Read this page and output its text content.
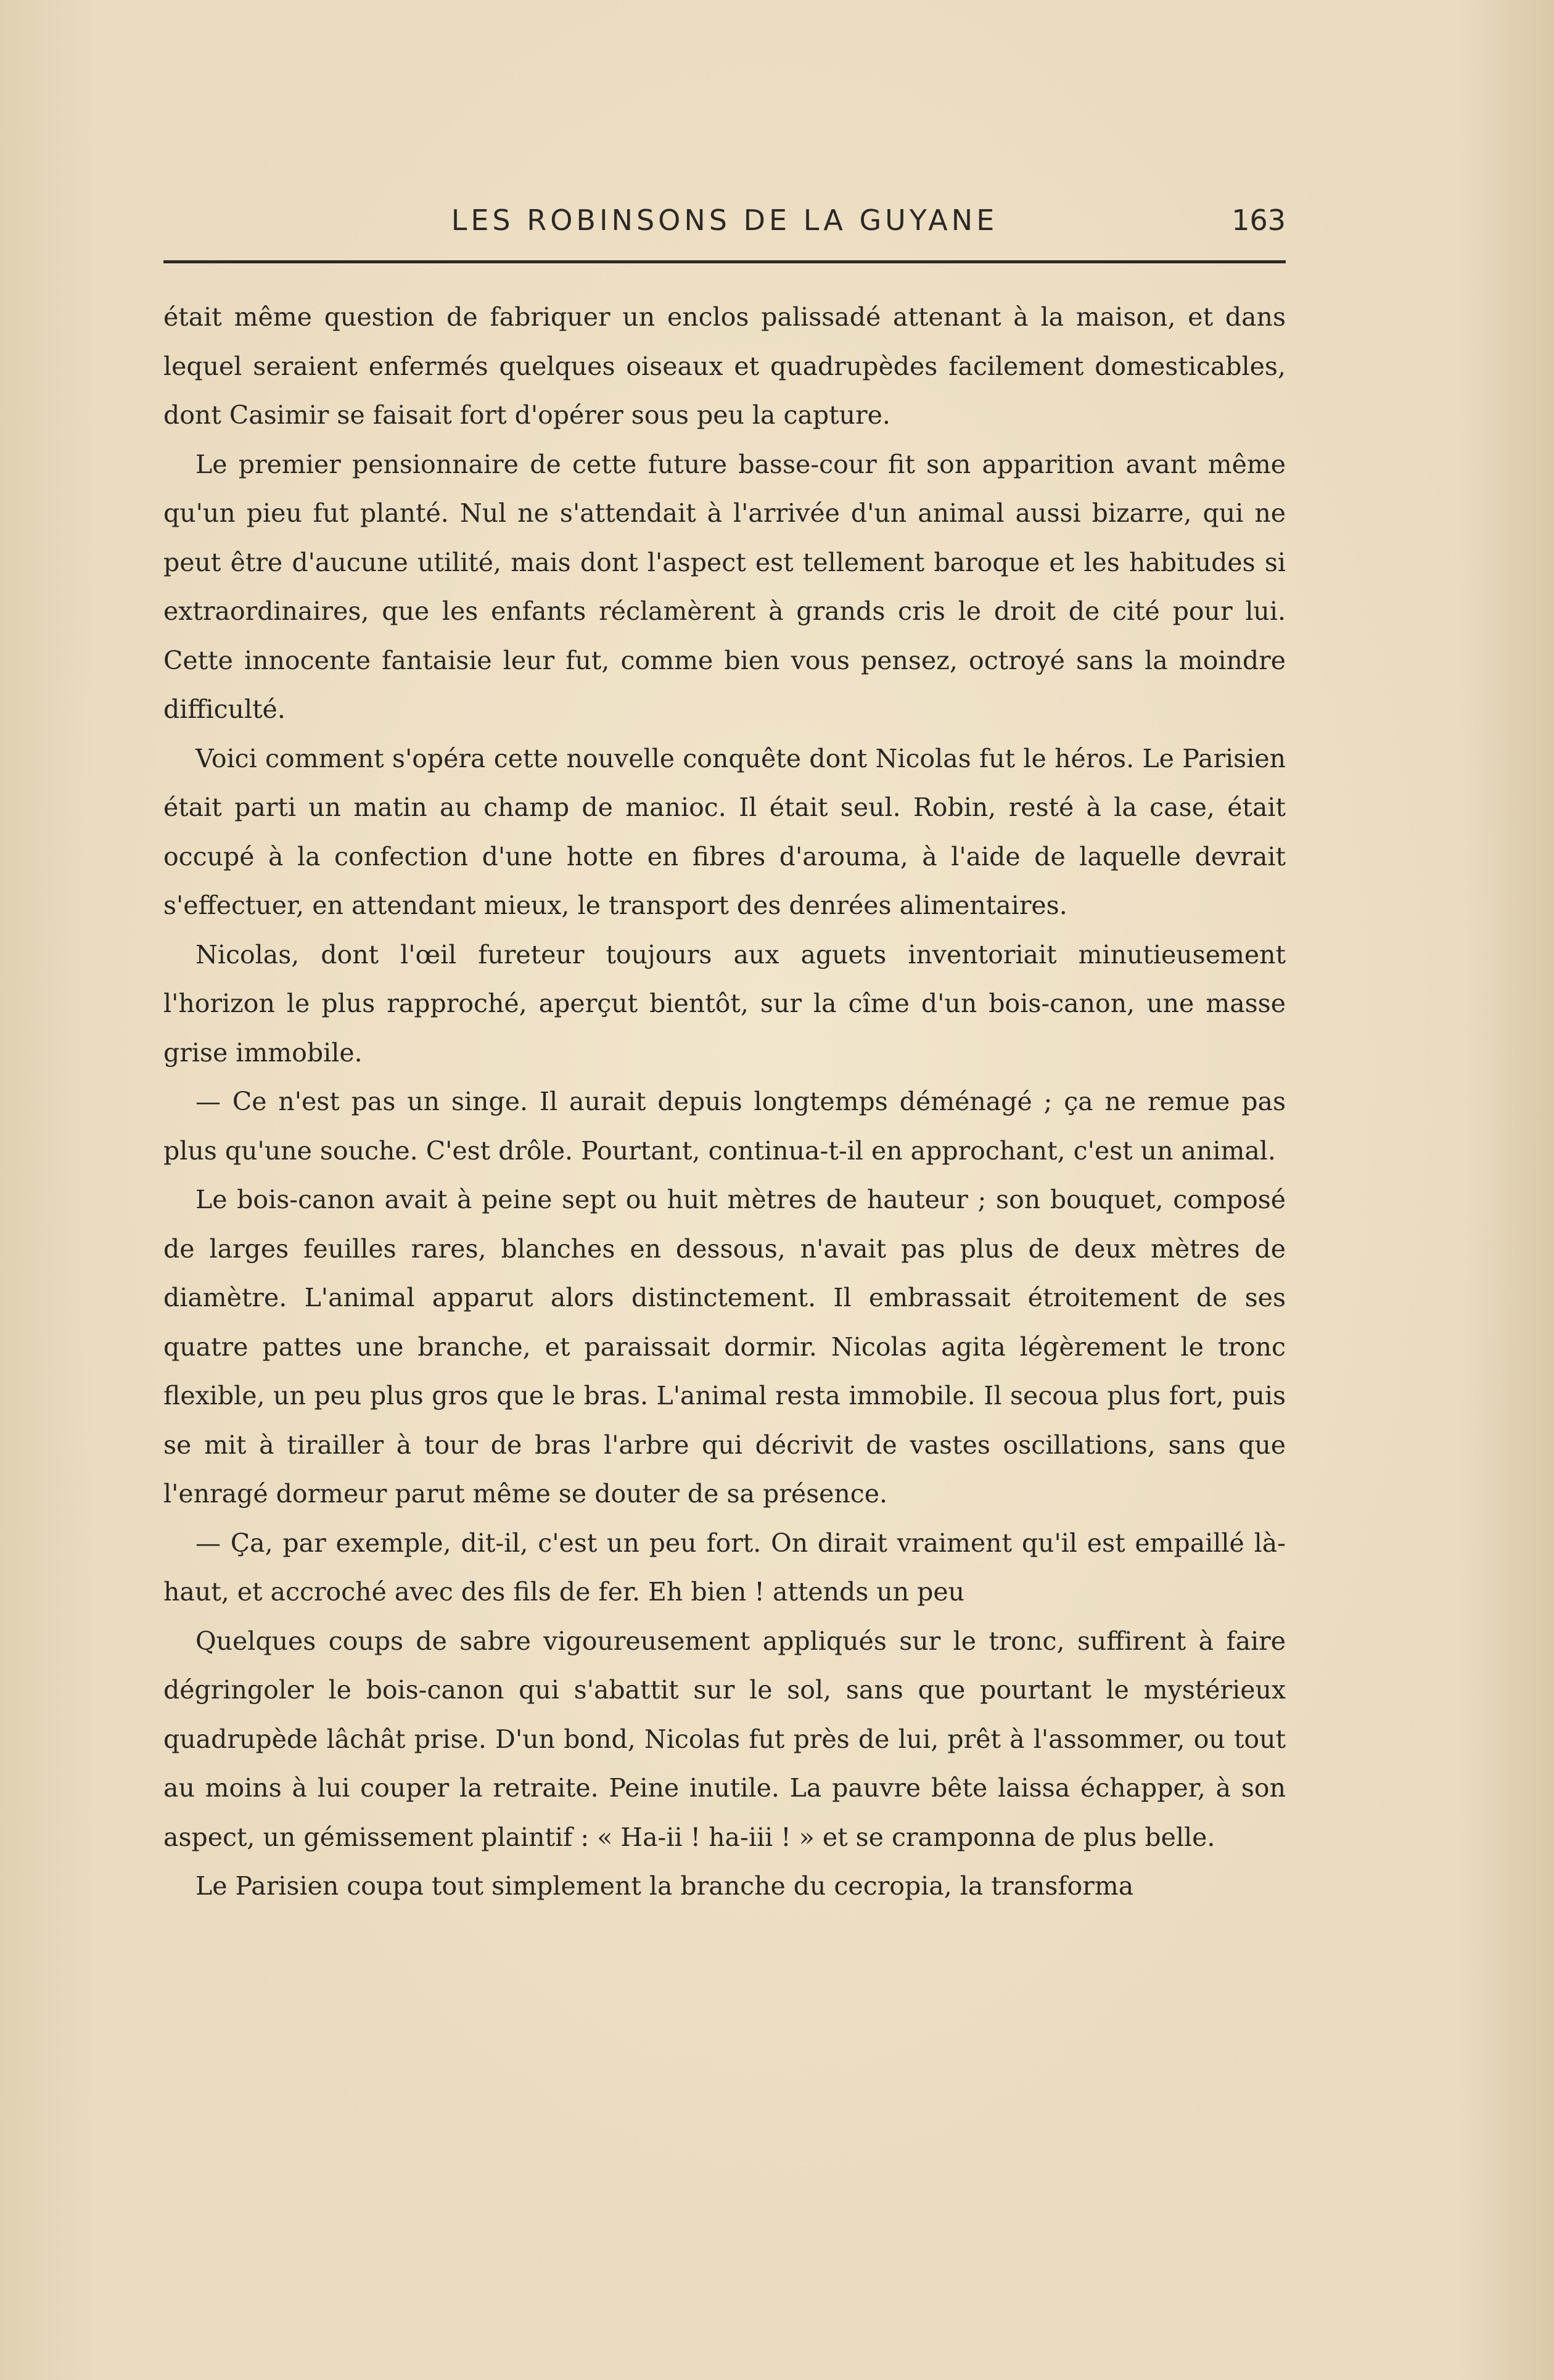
LES ROBINSONS DE LA GUYANE	163

était même question de fabriquer un enclos palissadé attenant à la maison, et dans lequel seraient enfermés quelques oiseaux et quadrupèdes facilement domesticables, dont Casimir se faisait fort d'opérer sous peu la capture.

Le premier pensionnaire de cette future basse-cour fit son apparition avant même qu'un pieu fut planté. Nul ne s'attendait à l'arrivée d'un animal aussi bizarre, qui ne peut être d'aucune utilité, mais dont l'aspect est tellement baroque et les habitudes si extraordinaires, que les enfants réclamèrent à grands cris le droit de cité pour lui. Cette innocente fantaisie leur fut, comme bien vous pensez, octroyé sans la moindre difficulté.

Voici comment s'opéra cette nouvelle conquête dont Nicolas fut le héros. Le Parisien était parti un matin au champ de manioc. Il était seul. Robin, resté à la case, était occupé à la confection d'une hotte en fibres d'arouma, à l'aide de laquelle devrait s'effectuer, en attendant mieux, le transport des denrées alimentaires.

Nicolas, dont l'œil fureteur toujours aux aguets inventoriait minutieusement l'horizon le plus rapproché, aperçut bientôt, sur la cîme d'un bois-canon, une masse grise immobile.

— Ce n'est pas un singe. Il aurait depuis longtemps déménagé ; ça ne remue pas plus qu'une souche. C'est drôle. Pourtant, continua-t-il en approchant, c'est un animal.

Le bois-canon avait à peine sept ou huit mètres de hauteur ; son bouquet, composé de larges feuilles rares, blanches en dessous, n'avait pas plus de deux mètres de diamètre. L'animal apparut alors distinctement. Il embrassait étroitement de ses quatre pattes une branche, et paraissait dormir. Nicolas agita légèrement le tronc flexible, un peu plus gros que le bras. L'animal resta immobile. Il secoua plus fort, puis se mit à tirailler à tour de bras l'arbre qui décrivit de vastes oscillations, sans que l'enragé dormeur parut même se douter de sa présence.

— Ça, par exemple, dit-il, c'est un peu fort. On dirait vraiment qu'il est empaillé là-haut, et accroché avec des fils de fer. Eh bien ! attends un peu

Quelques coups de sabre vigoureusement appliqués sur le tronc, suffirent à faire dégringoler le bois-canon qui s'abattit sur le sol, sans que pourtant le mystérieux quadrupède lâchât prise. D'un bond, Nicolas fut près de lui, prêt à l'assommer, ou tout au moins à lui couper la retraite. Peine inutile. La pauvre bête laissa échapper, à son aspect, un gémissement plaintif : « Ha-ii ! ha-iii ! » et se cramponna de plus belle.

Le Parisien coupa tout simplement la branche du cecropia, la transforma
